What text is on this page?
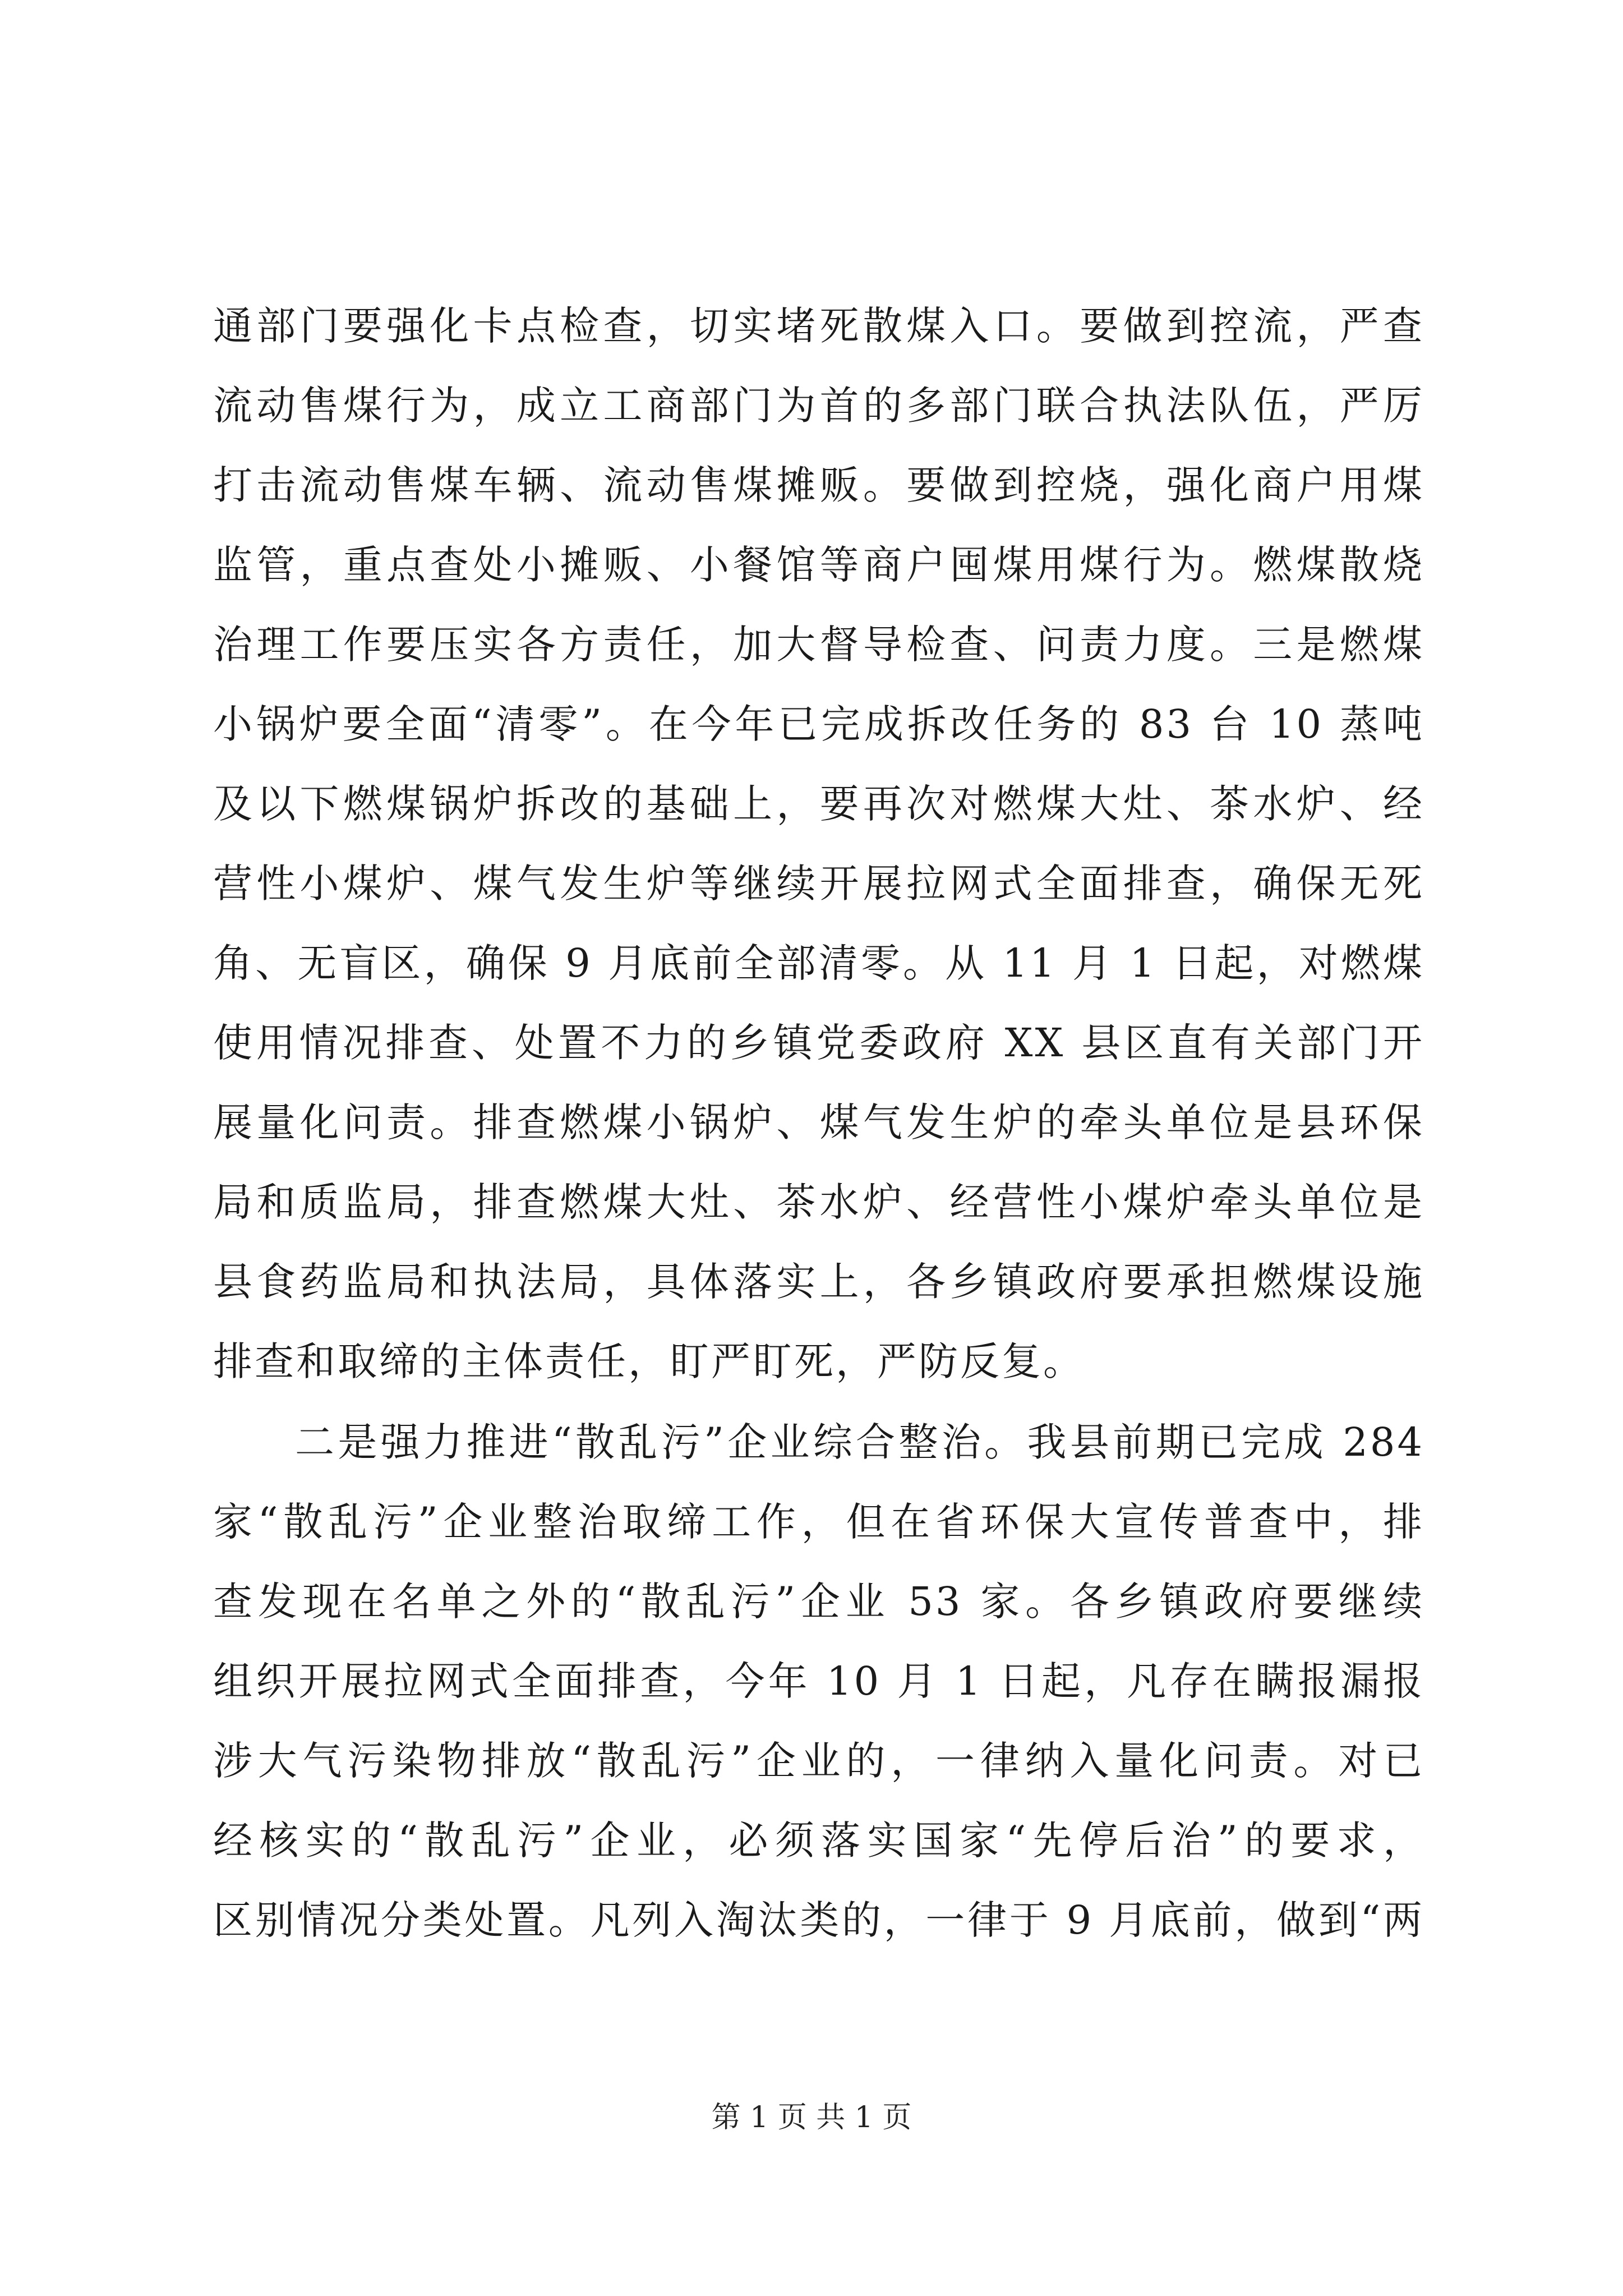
通部门要强化卡点检查，切实堵死散煤入口。要做到控流，严查
流动售煤行为，成立工商部门为首的多部门联合执法队伍，严厉
打击流动售煤车辆、流动售煤摊贩。要做到控烧，强化商户用煤
监管，重点查处小摊贩、小餐馆等商户囤煤用煤行为。燃煤散烧
治理工作要压实各方责任，加大督导检查、问责力度。三是燃煤
小锅炉要全面“清零”。在今年已完成拆改任务的 83 台 10 蒸吨
及以下燃煤锅炉拆改的基础上，要再次对燃煤大灶、茶水炉、经
营性小煤炉、煤气发生炉等继续开展拉网式全面排查，确保无死
角、无盲区，确保 9 月底前全部清零。从 11 月 1 日起，对燃煤
使用情况排查、处置不力的乡镇党委政府 XX 县区直有关部门开
展量化问责。排查燃煤小锅炉、煤气发生炉的牵头单位是县环保
局和质监局，排查燃煤大灶、茶水炉、经营性小煤炉牵头单位是
县食药监局和执法局，具体落实上，各乡镇政府要承担燃煤设施
排查和取缔的主体责任，盯严盯死，严防反复。
二是强力推进“散乱污”企业综合整治。我县前期已完成 284
家“散乱污”企业整治取缔工作，但在省环保大宣传普查中，排
查发现在名单之外的“散乱污”企业 53 家。各乡镇政府要继续
组织开展拉网式全面排查，今年 10 月 1 日起，凡存在瞒报漏报
涉大气污染物排放“散乱污”企业的，一律纳入量化问责。对已
经核实的“散乱污”企业，必须落实国家“先停后治”的要求，
区别情况分类处置。凡列入淘汰类的，一律于 9 月底前，做到“两
第 1 页 共 1 页
